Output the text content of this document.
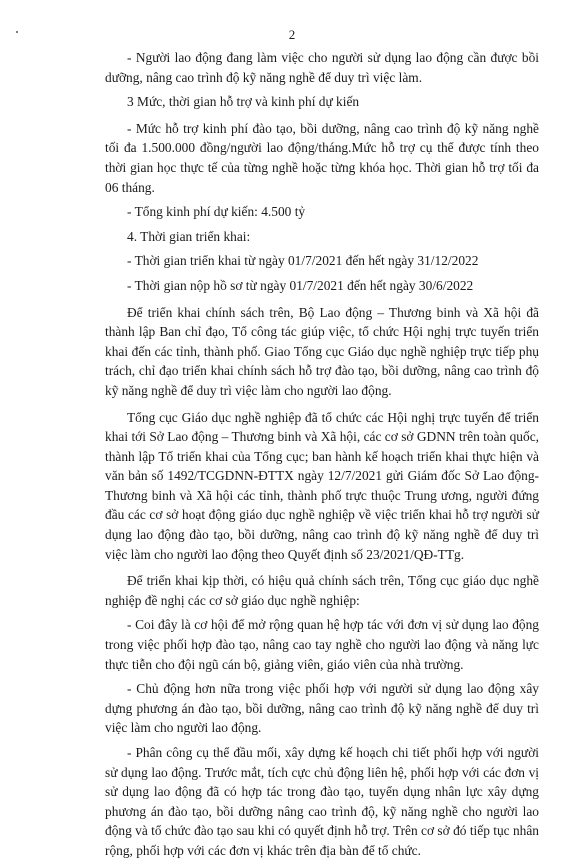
2

- Người lao động đang làm việc cho người sử dụng lao động cần được bồi dưỡng, nâng cao trình độ kỹ năng nghề để duy trì việc làm.

3 Mức, thời gian hỗ trợ và kinh phí dự kiến

- Mức hỗ trợ kinh phí đào tạo, bồi dưỡng, nâng cao trình độ kỹ năng nghề tối đa 1.500.000 đồng/người lao động/tháng.Mức hỗ trợ cụ thể được tính theo thời gian học thực tế của từng nghề hoặc từng khóa học. Thời gian hỗ trợ tối đa 06 tháng.

- Tổng kinh phí dự kiến: 4.500 tỷ

4. Thời gian triển khai:

- Thời gian triển khai từ ngày 01/7/2021 đến hết ngày 31/12/2022

- Thời gian nộp hồ sơ từ ngày 01/7/2021 đến hết ngày 30/6/2022

Để triển khai chính sách trên, Bộ Lao động – Thương binh và Xã hội đã thành lập Ban chỉ đạo, Tổ công tác giúp việc, tổ chức Hội nghị trực tuyến triển khai đến các tỉnh, thành phố. Giao Tổng cục Giáo dục nghề nghiệp trực tiếp phụ trách, chỉ đạo triển khai chính sách hỗ trợ đào tạo, bồi dưỡng, nâng cao trình độ kỹ năng nghề để duy trì việc làm cho người lao động.

Tổng cục Giáo dục nghề nghiệp đã tổ chức các Hội nghị trực tuyến để triển khai tới Sở Lao động – Thương binh và Xã hội, các cơ sở GDNN trên toàn quốc, thành lập Tổ triển khai của Tổng cục; ban hành kế hoạch triển khai thực hiện và văn bản số 1492/TCGDNN-ĐTTX ngày 12/7/2021 gửi Giám đốc Sở Lao động- Thương binh và Xã hội các tỉnh, thành phố trực thuộc Trung ương, người đứng đầu các cơ sở hoạt động giáo dục nghề nghiệp về việc triển khai hỗ trợ người sử dụng lao động đào tạo, bồi dưỡng, nâng cao trình độ kỹ năng nghề để duy trì việc làm cho người lao động theo Quyết định số 23/2021/QĐ-TTg.

Để triển khai kịp thời, có hiệu quả chính sách trên, Tổng cục giáo dục nghề nghiệp đề nghị các cơ sở giáo dục nghề nghiệp:

- Coi đây là cơ hội để mở rộng quan hệ hợp tác với đơn vị sử dụng lao động trong việc phối hợp đào tạo, nâng cao tay nghề cho người lao động và năng lực thực tiễn cho đội ngũ cán bộ, giảng viên, giáo viên của nhà trường.

- Chủ động hơn nữa trong việc phối hợp với người sử dụng lao động xây dựng phương án đào tạo, bồi dưỡng, nâng cao trình độ kỹ năng nghề để duy trì việc làm cho người lao động.

- Phân công cụ thể đầu mối, xây dựng kế hoạch chi tiết phối hợp với người sử dụng lao động. Trước mắt, tích cực chủ động liên hệ, phối hợp với các đơn vị sử dụng lao động đã có hợp tác trong đào tạo, tuyển dụng nhân lực xây dựng phương án đào tạo, bồi dưỡng nâng cao trình độ, kỹ năng nghề cho người lao động và tổ chức đào tạo sau khi có quyết định hỗ trợ. Trên cơ sở đó tiếp tục nhân rộng, phối hợp với các đơn vị khác trên địa bàn để tổ chức.
